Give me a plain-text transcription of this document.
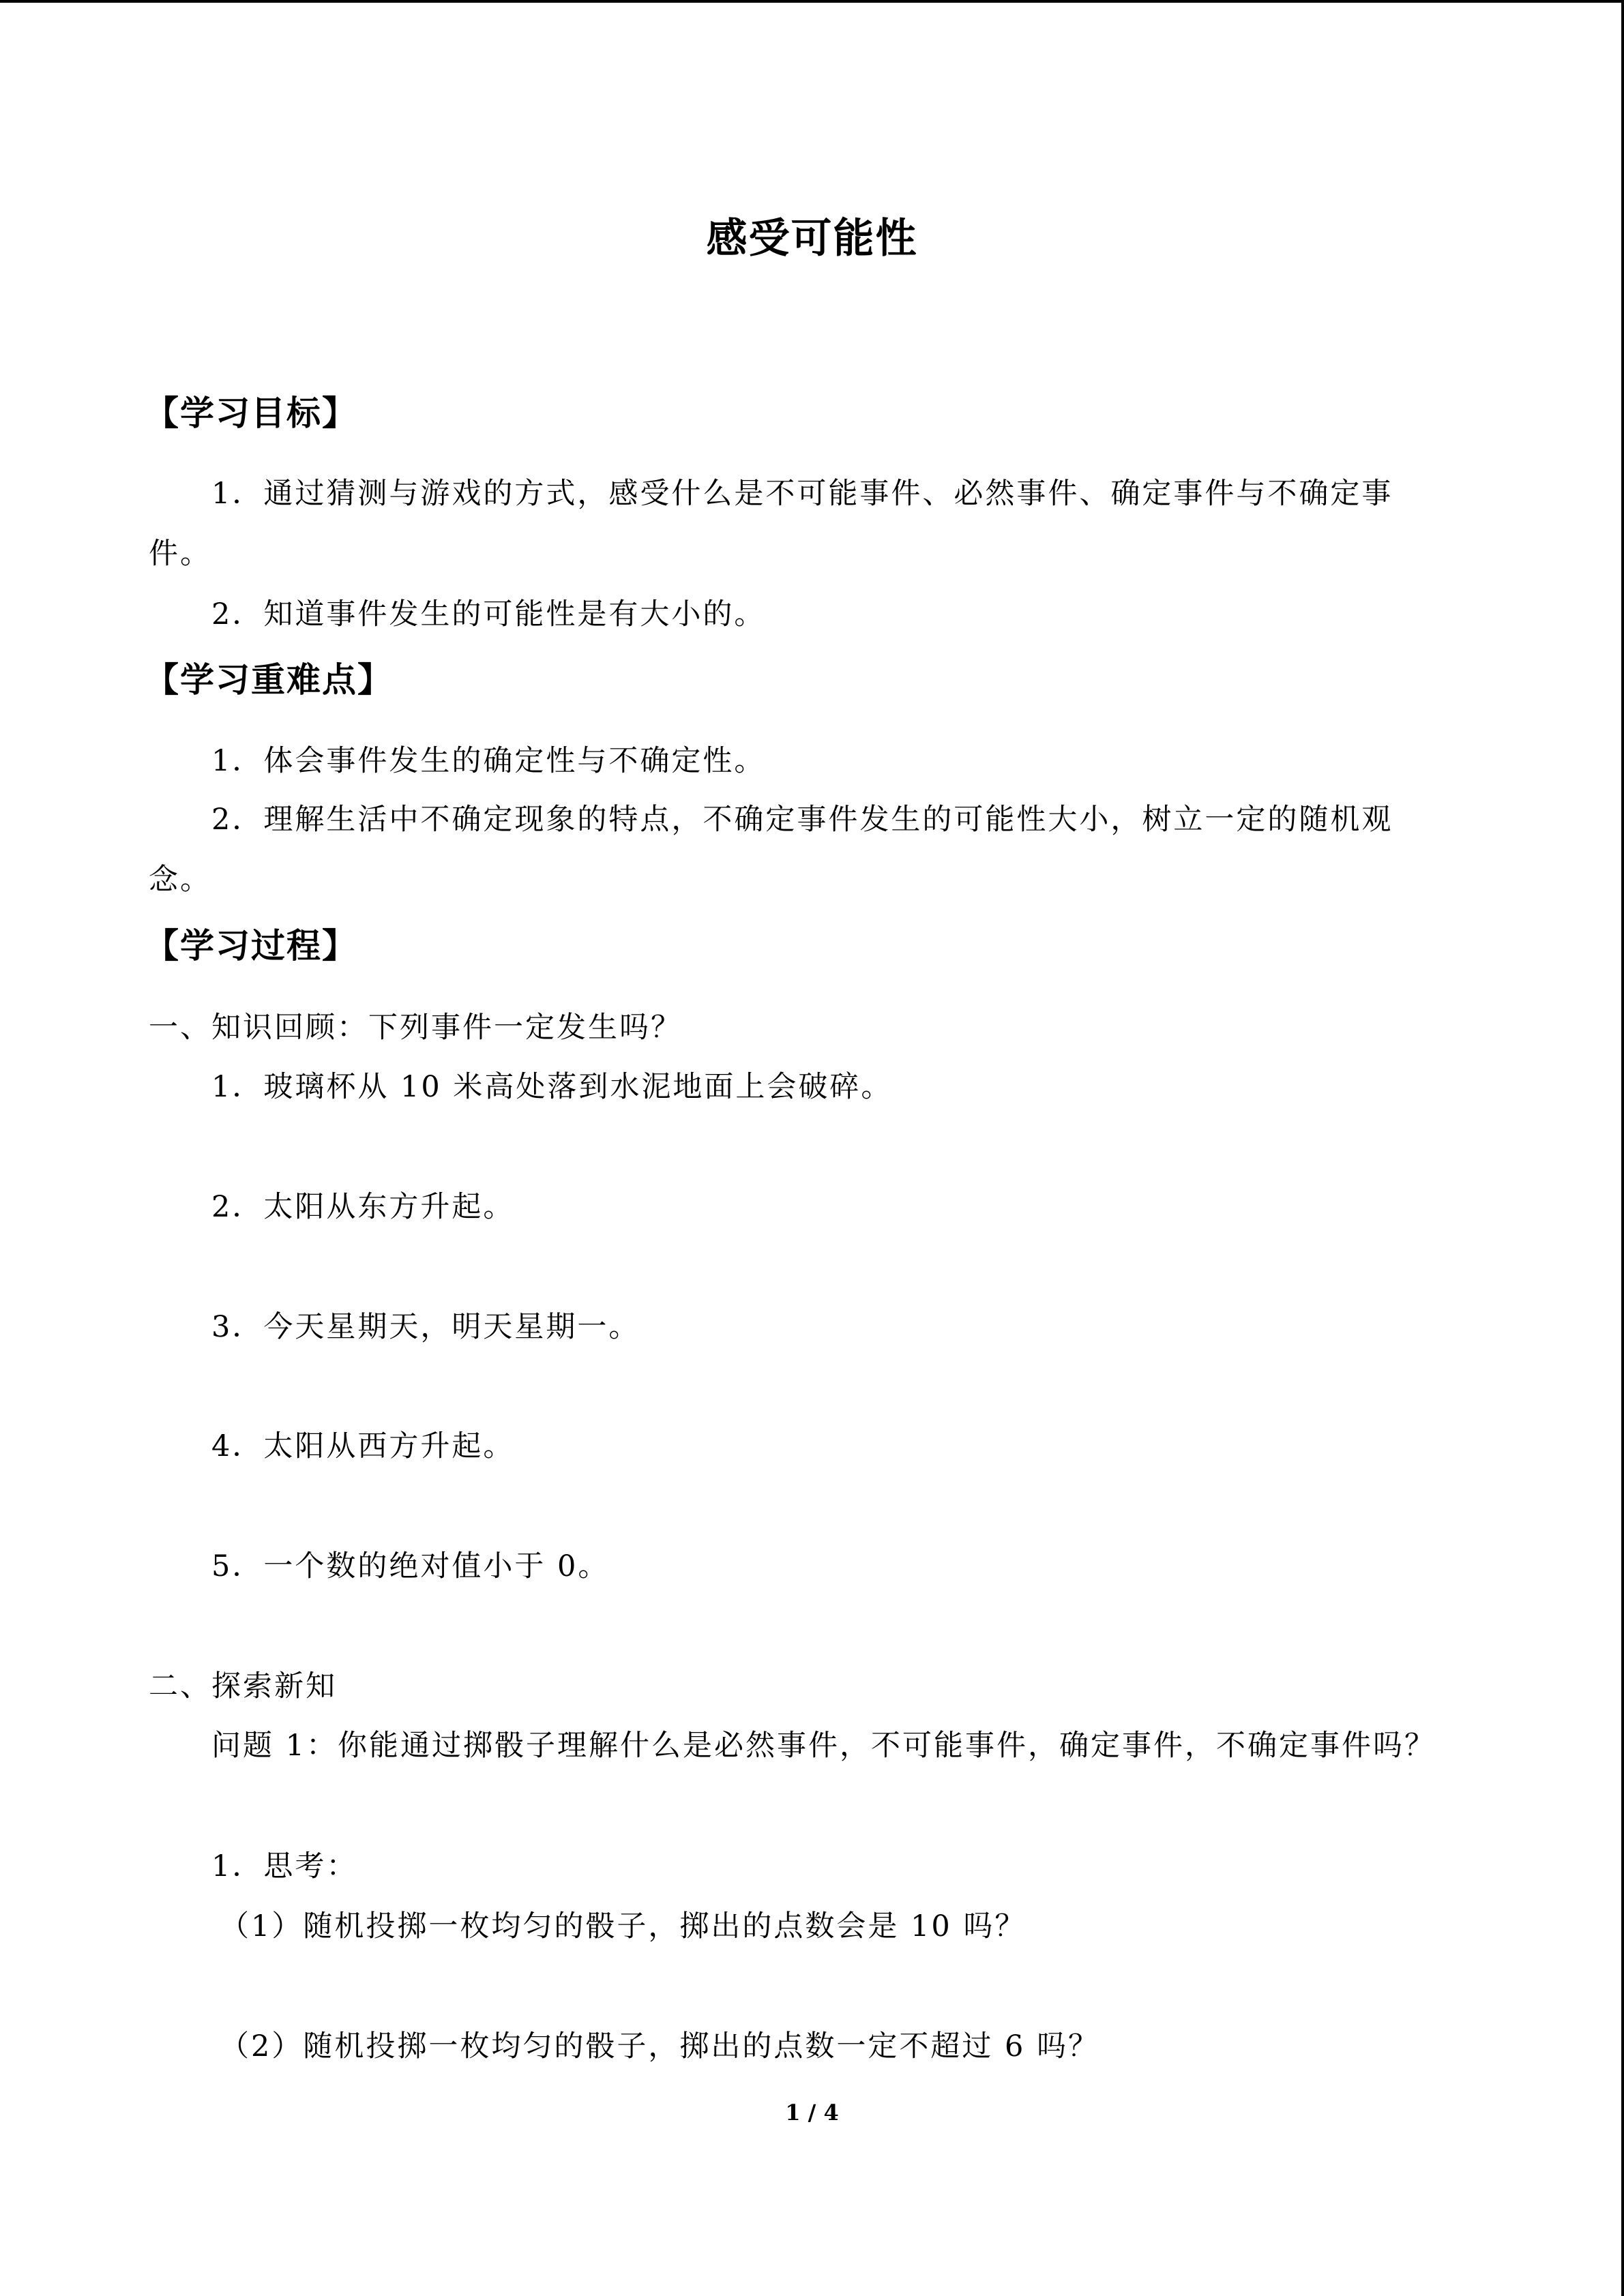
感受可能性
【学习目标】
1．通过猜测与游戏的方式，感受什么是不可能事件、必然事件、确定事件与不确定事件。
2．知道事件发生的可能性是有大小的。
【学习重难点】
1．体会事件发生的确定性与不确定性。
2．理解生活中不确定现象的特点，不确定事件发生的可能性大小，树立一定的随机观念。
【学习过程】
一、知识回顾：下列事件一定发生吗？
1．玻璃杯从 10 米高处落到水泥地面上会破碎。
2．太阳从东方升起。
3．今天星期天，明天星期一。
4．太阳从西方升起。
5．一个数的绝对值小于 0。
二、探索新知
问题 1：你能通过掷骰子理解什么是必然事件，不可能事件，确定事件，不确定事件吗？
1．思考：
（1）随机投掷一枚均匀的骰子，掷出的点数会是 10 吗？
（2）随机投掷一枚均匀的骰子，掷出的点数一定不超过 6 吗？
1 / 4
